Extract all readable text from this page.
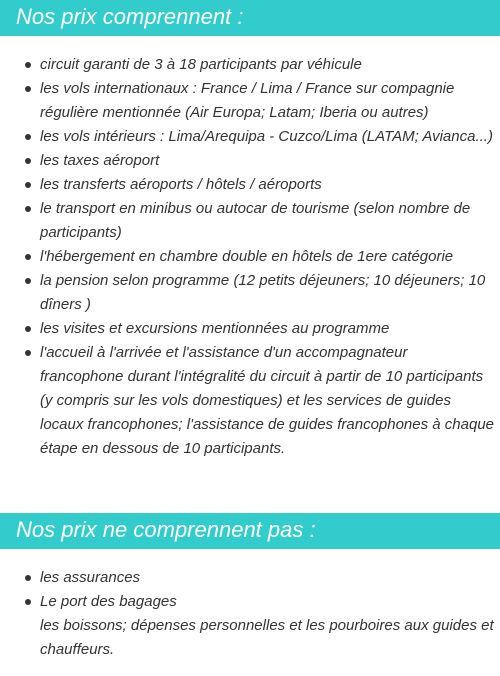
Nos prix comprennent :
circuit garanti de 3 à 18 participants par véhicule
les vols internationaux : France / Lima / France sur compagnie régulière mentionnée (Air Europa; Latam; Iberia ou autres)
les vols intérieurs : Lima/Arequipa - Cuzco/Lima (LATAM; Avianca...)
les taxes aéroport
les transferts aéroports / hôtels / aéroports
le transport en minibus ou autocar de tourisme (selon nombre de participants)
l'hébergement en chambre double en hôtels de 1ere catégorie
la pension selon programme (12 petits déjeuners; 10 déjeuners; 10 dîners )
les visites et excursions mentionnées au programme
l'accueil à l'arrivée et l'assistance d'un accompagnateur francophone durant l'intégralité du circuit à partir de 10 participants (y compris sur les vols domestiques) et les services de guides locaux francophones; l'assistance de guides francophones à chaque étape en dessous de 10 participants.
Nos prix ne comprennent pas :
les assurances
Le port des bagages
les boissons; dépenses personnelles et les pourboires aux guides et chauffeurs.
